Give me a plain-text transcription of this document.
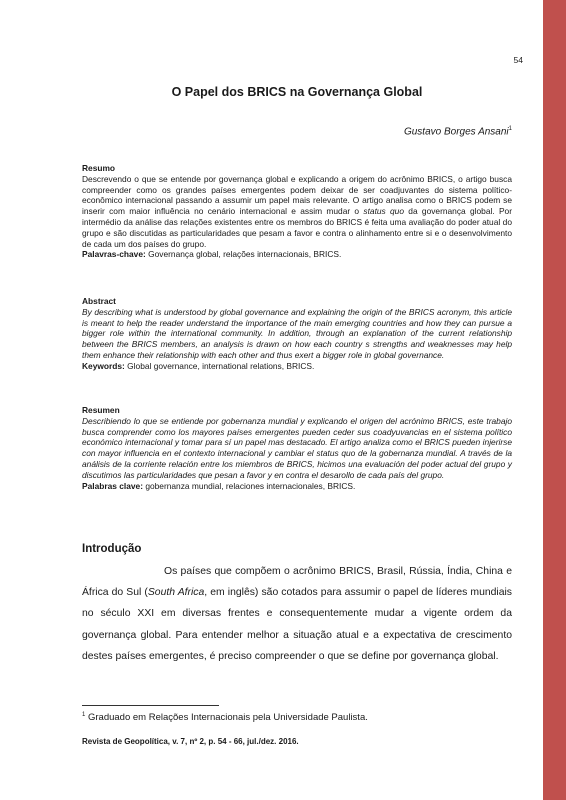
54
O Papel dos BRICS na Governança Global
Gustavo Borges Ansani$^1$
Resumo

Descrevendo o que se entende por governança global e explicando a origem do acrônimo BRICS, o artigo busca compreender como os grandes países emergentes podem deixar de ser coadjuvantes do sistema político-econômico internacional passando a assumir um papel mais relevante. O artigo analisa como o BRICS podem se inserir com maior influência no cenário internacional e assim mudar o status quo da governança global. Por intermédio da análise das relações existentes entre os membros do BRICS é feita uma avaliação do poder atual do grupo e são discutidas as particularidades que pesam a favor e contra o alinhamento entre si e o desenvolvimento de cada um dos países do grupo.

Palavras-chave: Governança global, relações internacionais, BRICS.

Abstract

By describing what is understood by global governance and explaining the origin of the BRICS acronym, this article is meant to help the reader understand the importance of the main emerging countries and how they can pursue a bigger role within the international community. In addition, through an explanation of the current relationship between the BRICS members, an analysis is drawn on how each country s strengths and weaknesses may help them enhance their relationship with each other and thus exert a bigger role in global governance.

Keywords: Global governance, international relations, BRICS.

Resumen

Describiendo lo que se entiende por gobernanza mundial y explicando el origen del acrónimo BRICS, este trabajo busca comprender como los mayores países emergentes pueden ceder sus coadyuvancias en el sistema político económico internacional y tomar para sí un papel mas destacado. El artigo analiza como el BRICS pueden injerirse con mayor influencia en el contexto internacional y cambiar el status quo de la gobernanza mundial. A través de la análisis de la corriente relación entre los miembros de BRICS, hicimos una evaluación del poder actual del grupo y discutimos las particularidades que pesan a favor y en contra el desarollo de cada país del grupo.

Palabras clave: gobernanza mundial, relaciones internacionales, BRICS.

Introdução

Os países que compõem o acrônimo BRICS, Brasil, Rússia, Índia, China e África do Sul (South Africa, em inglês) são cotados para assumir o papel de líderes mundiais no século XXI em diversas frentes e consequentemente mudar a vigente ordem da governança global. Para entender melhor a situação atual e a expectativa de crescimento destes países emergentes, é preciso compreender o que se define por governança global.

$^1$ Graduado em Relações Internacionais pela Universidade Paulista.
Revista de Geopolítica, v. 7, nº 2, p. 54 - 66, jul./dez. 2016.
